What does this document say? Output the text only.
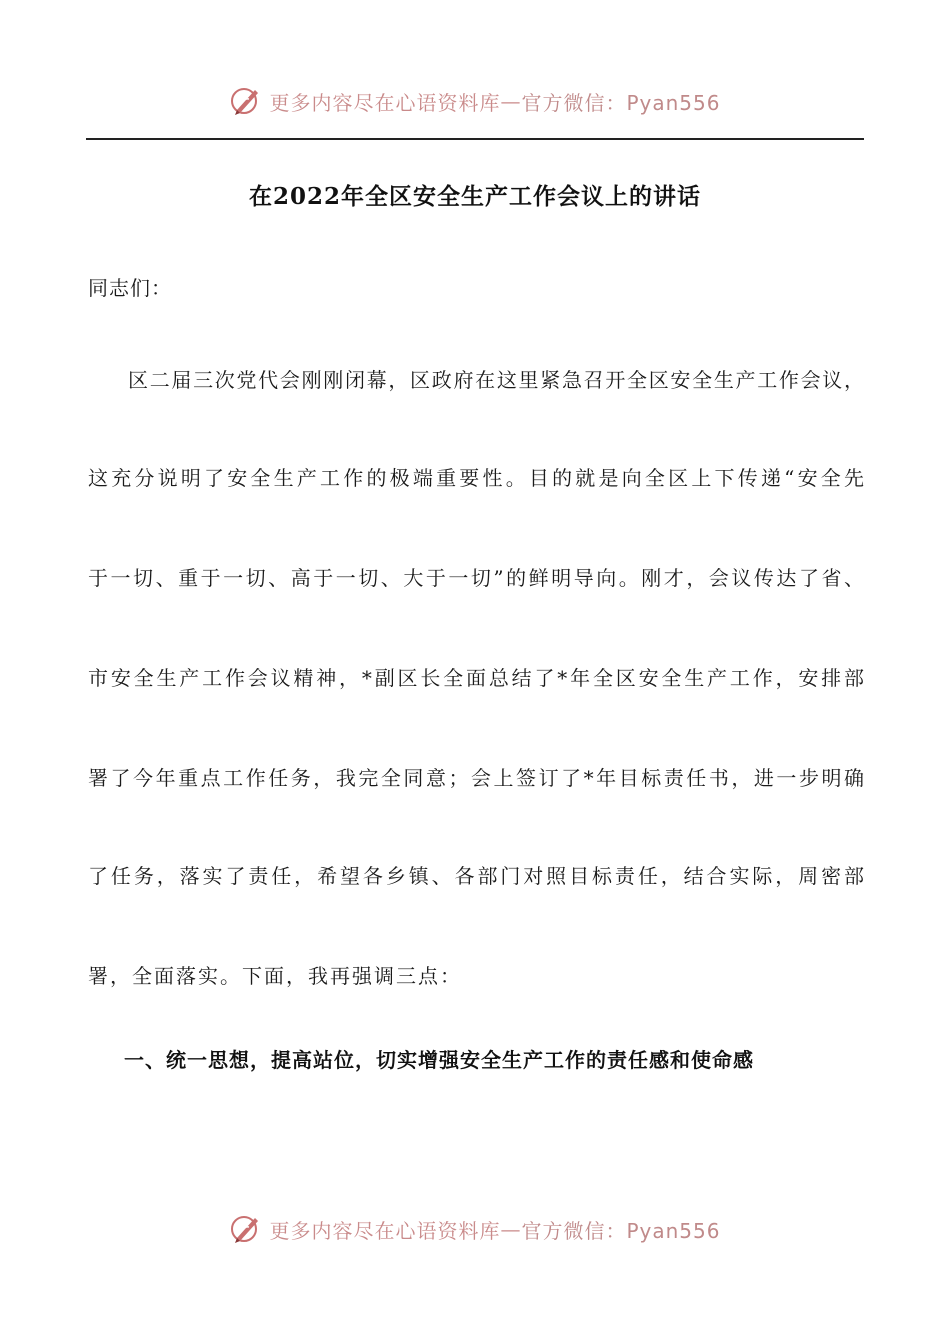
更多内容尽在心语资料库 — 官方微信：Pyan556
在2022年全区安全生产工作会议上的讲话
同志们：
区二届三次党代会刚刚闭幕，区政府在这里紧急召开全区安全生产工作会议，
这充分说明了安全生产工作的极端重要性。目的就是向全区上下传递“安全先
于一切、重于一切、高于一切、大于一切”的鲜明导向。刚才，会议传达了省、
市安全生产工作会议精神，*副区长全面总结了*年全区安全生产工作，安排部
署了今年重点工作任务，我完全同意；会上签订了*年目标责任书，进一步明确
了任务，落实了责任，希望各乡镇、各部门对照目标责任，结合实际，周密部
署，全面落实。下面，我再强调三点：
一、统一思想，提高站位，切实增强安全生产工作的责任感和使命感
更多内容尽在心语资料库 — 官方微信：Pyan556
